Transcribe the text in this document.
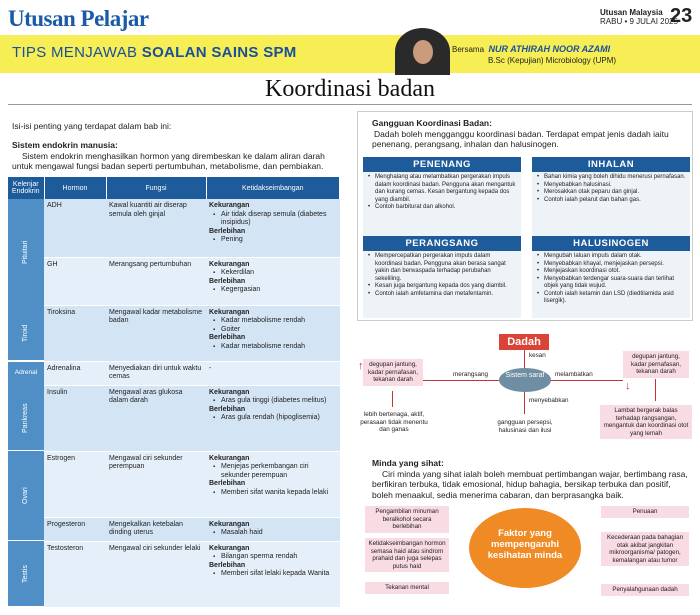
Utusan Pelajar	Utusan Malaysia
RABU • 9 JULAI 2025
23
TIPS MENJAWAB SOALAN SAINS SPM	Bersama NUR ATHIRAH NOOR AZAMI
B.Sc (Kepujian) Microbiology (UPM)
Koordinasi badan
Isi-isi penting yang terdapat dalam bab ini:
Sistem endokrin manusia:
Sistem endokrin menghasilkan hormon yang dirembeskan ke dalam aliran darah untuk mengawal fungsi badan seperti pertumbuhan, metabolisme, dan pembiakan.
Kelenjar Endokrin	Hormon	Fungsi	Ketidakseimbangan
Pituitari	ADH	Kawal kuantiti air diserap semula oleh ginjal	Kekurangan
▪ Air tidak diserap semula (diabetes insipidus)
Berlebihan
▪ Pening

	GH	Merangsang pertumbuhan	Kekurangan
▪ Kekerdilan
Berlebihan
▪ Kegergasian

Tiroid	Tiroksina	Mengawal kadar metabolisme badan	Kekurangan
▪ Kadar metabolisme rendah
▪ Goiter
Berlebihan
▪ Kadar metabolisme rendah

Adrenal	Adrenalina	Menyediakan diri untuk waktu cemas	-
Pankreas	Insulin	Mengawal aras glukosa dalam darah	Kekurangan
▪ Aras gula tinggi (diabetes melitus)
Berlebihan
▪ Aras gula rendah (hipoglisemia)

Ovari	Estrogen	Mengawal ciri sekunder perempuan	Kekurangan
▪ Menjejas perkembangan ciri sekunder perempuan
Berlebihan
▪ Memberi sifat wanita kepada lelaki

	Progesteron	Mengekalkan ketebalan dinding uterus	Kekurangan
▪ Masalah haid

Testis	Testosteron	Mengawal ciri sekunder lelaki	Kekurangan
▪ Bilangan sperma rendah
Berlebihan
▪ Memberi sifat lelaki kepada Wanita
Gangguan Koordinasi Badan:
Dadah boleh mengganggu koordinasi badan. Terdapat empat jenis dadah iaitu penenang, perangsang, inhalan dan halusinogen.
PENENANG
• Menghalang atau melambatkan pergerakan impuls dalam koordinasi badan. Pengguna akan mengantuk dan kurang cemas. Kesan bergantung kepada dos yang diambil.
• Contoh barbiturat dan alkohol.
INHALAN
• Bahan kimia yang boleh dihidu menerusi pernafasan.
• Menyebabkan halusinasi.
• Merosakkan otak peparu dan ginjal.
• Contoh ialah pelarut dan bahan gas.
PERANGSANG
• Mempercepatkan pergerakan impuls dalam koordinasi badan. Pengguna akan berasa sangat yakin dan berwaspada terhadap perubahan sekeliling.
• Kesan juga bergantung kepada dos yang diambil.
• Contoh ialah amfetamina dan metafentamin.
HALUSINOGEN
• Mengubah laluan impuls dalam otak.
• Menyebabkan khayal, menjejaskan persepsi.
• Menjejaskan koordinasi otot.
• Menyebabkan terdengar suara-suara dan terlihat objek yang tidak wujud.
• Contoh ialah ketamin dan LSD (diedtilamida asid lisergik).
Dadah
kesan
Sistem saraf
merangsang	melambatkan
degupan jantung, kadar pernafasan, tekanan darah
↑
degupan jantung, kadar pernafasan, tekanan darah
↓
lebih bertenaga, aktif, perasaan tidak menentu dan ganas
menyebabkan
gangguan persepsi, halusinasi dan ilusi
Lambat bergerak balas terhadap rangsangan, mengantuk dan koordinasi otot yang lemah
Minda yang sihat:
Ciri minda yang sihat ialah boleh membuat pertimbangan wajar, bertimbang rasa, berfikiran terbuka, tidak emosional, hidup bahagia, bersikap terbuka dan positif, boleh menaakul, sedia menerima cabaran, dan berprasangka baik.
Pengambilan minuman beralkohol secara berlebihan
Ketidakseimbangan hormon semasa haid atau sindrom prahaid dan juga selepas putus haid
Tekanan mental
Faktor yang mempengaruhi kesihatan minda
Penuaan
Kecederaan pada bahagian otak akibat jangkitan mikroorganisma/ patogen, kemalangan atau tumor
Penyalahgunaan dadah
